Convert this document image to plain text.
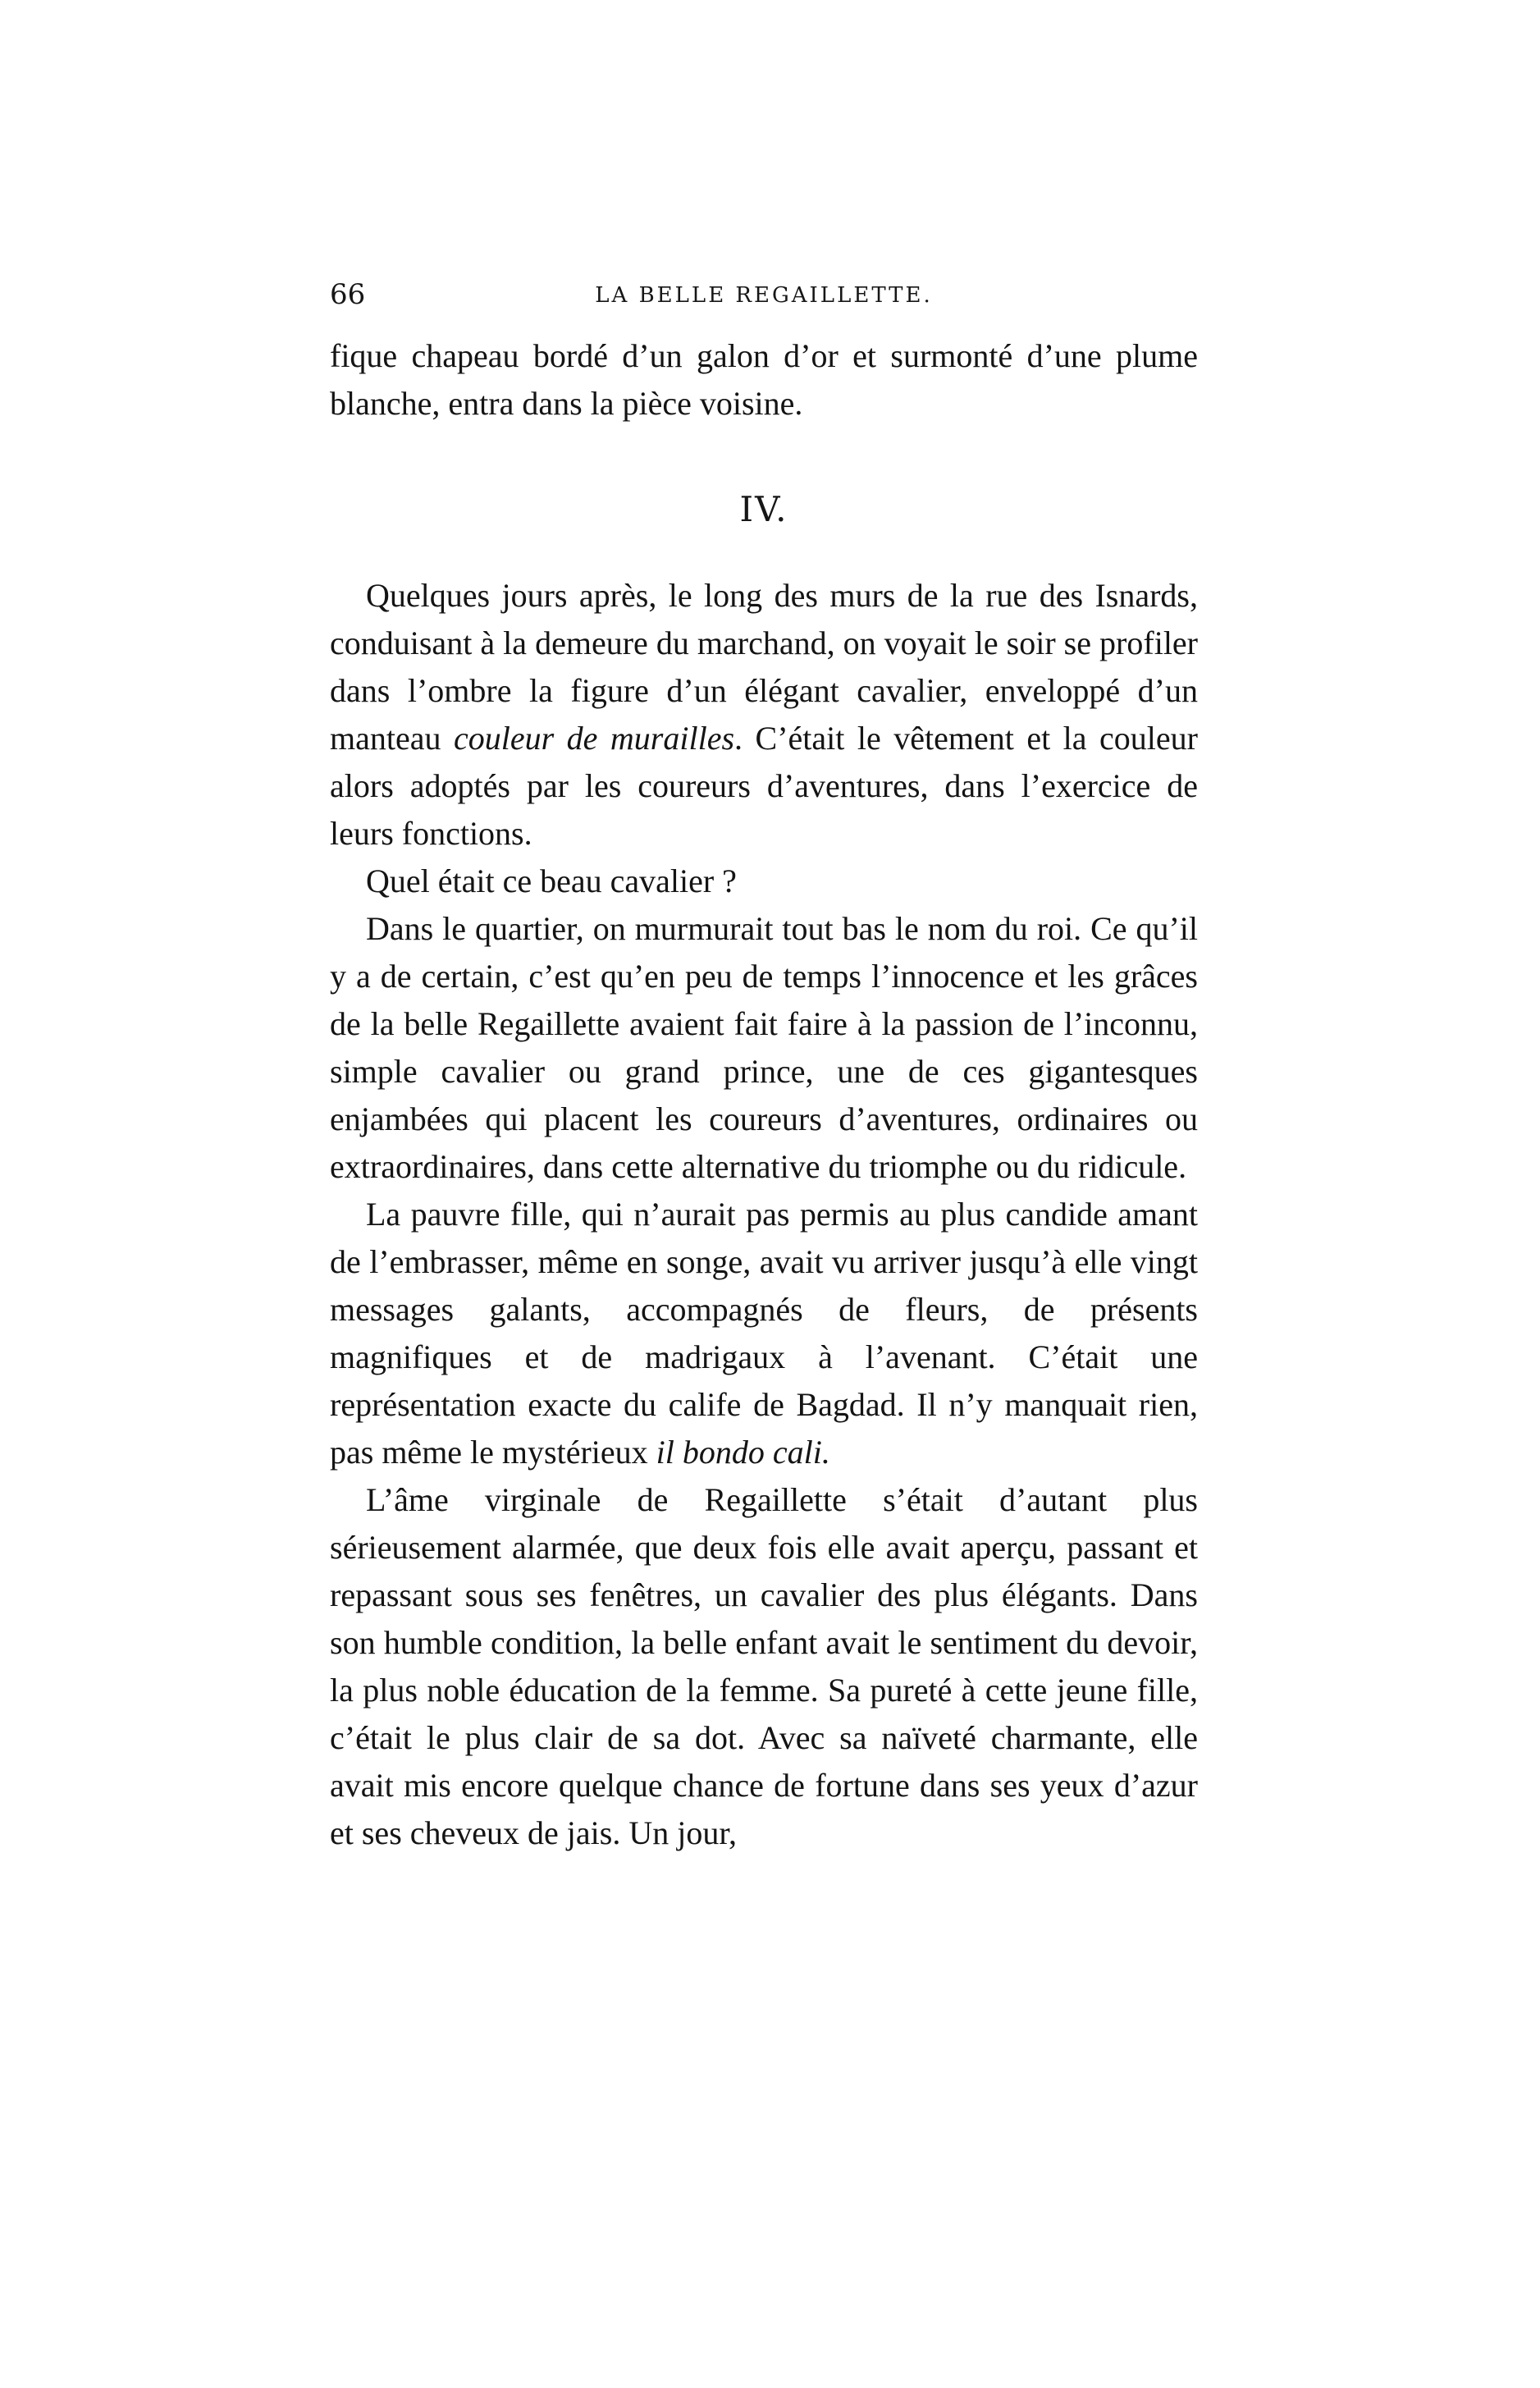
66	LA BELLE REGAILLETTE.

fique chapeau bordé d’un galon d’or et surmonté d’une plume blanche, entra dans la pièce voisine.

IV.

Quelques jours après, le long des murs de la rue des Isnards, conduisant à la demeure du marchand, on voyait le soir se profiler dans l’ombre la figure d’un élégant cavalier, enveloppé d’un manteau couleur de murailles. C’était le vêtement et la couleur alors adoptés par les coureurs d’aventures, dans l’exercice de leurs fonctions.

Quel était ce beau cavalier ?

Dans le quartier, on murmurait tout bas le nom du roi. Ce qu’il y a de certain, c’est qu’en peu de temps l’innocence et les grâces de la belle Regaillette avaient fait faire à la passion de l’inconnu, simple cavalier ou grand prince, une de ces gigantesques enjambées qui placent les coureurs d’aventures, ordinaires ou extraordinaires, dans cette alternative du triomphe ou du ridicule.

La pauvre fille, qui n’aurait pas permis au plus candide amant de l’embrasser, même en songe, avait vu arriver jusqu’à elle vingt messages galants, accompagnés de fleurs, de présents magnifiques et de madrigaux à l’avenant. C’était une représentation exacte du calife de Bagdad. Il n’y manquait rien, pas même le mystérieux il bondo cali.

L’âme virginale de Regaillette s’était d’autant plus sérieusement alarmée, que deux fois elle avait aperçu, passant et repassant sous ses fenêtres, un cavalier des plus élégants. Dans son humble condition, la belle enfant avait le sentiment du devoir, la plus noble éducation de la femme. Sa pureté à cette jeune fille, c’était le plus clair de sa dot. Avec sa naïveté charmante, elle avait mis encore quelque chance de fortune dans ses yeux d’azur et ses cheveux de jais. Un jour,
